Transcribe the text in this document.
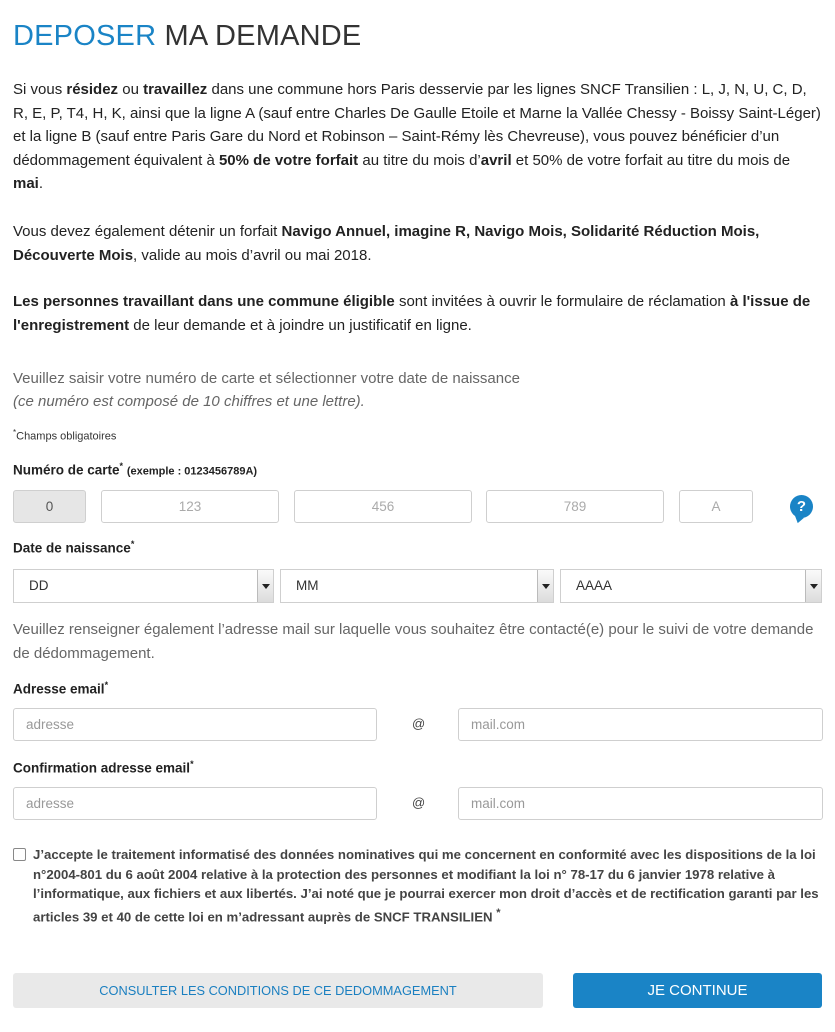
DEPOSER MA DEMANDE

Si vous résidez ou travaillez dans une commune hors Paris desservie par les lignes SNCF Transilien : L, J, N, U, C, D, R, E, P, T4, H, K, ainsi que la ligne A (sauf entre Charles De Gaulle Etoile et Marne la Vallée Chessy - Boissy Saint-Léger) et la ligne B (sauf entre Paris Gare du Nord et Robinson – Saint-Rémy lès Chevreuse), vous pouvez bénéficier d’un dédommagement équivalent à 50% de votre forfait au titre du mois d’avril et 50% de votre forfait au titre du mois de mai.

Vous devez également détenir un forfait Navigo Annuel, imagine R, Navigo Mois, Solidarité Réduction Mois, Découverte Mois, valide au mois d’avril ou mai 2018.

Les personnes travaillant dans une commune éligible sont invitées à ouvrir le formulaire de réclamation à l'issue de l'enregistrement de leur demande et à joindre un justificatif en ligne.

Veuillez saisir votre numéro de carte et sélectionner votre date de naissance
(ce numéro est composé de 10 chiffres et une lettre).
*Champs obligatoires
Numéro de carte* (exemple : 0123456789A)
0	123	456	789	A	?
Date de naissance*
DD	MM	AAAA

Veuillez renseigner également l’adresse mail sur laquelle vous souhaitez être contacté(e) pour le suivi de votre demande de dédommagement.

Adresse email*
adresse	@	mail.com
Confirmation adresse email*
adresse	@	mail.com

J’accepte le traitement informatisé des données nominatives qui me concernent en conformité avec les dispositions de la loi n°2004-801 du 6 août 2004 relative à la protection des personnes et modifiant la loi n° 78-17 du 6 janvier 1978 relative à l’informatique, aux fichiers et aux libertés. J’ai noté que je pourrai exercer mon droit d’accès et de rectification garanti par les articles 39 et 40 de cette loi en m’adressant auprès de SNCF TRANSILIEN *

CONSULTER LES CONDITIONS DE CE DEDOMMAGEMENT	JE CONTINUE
